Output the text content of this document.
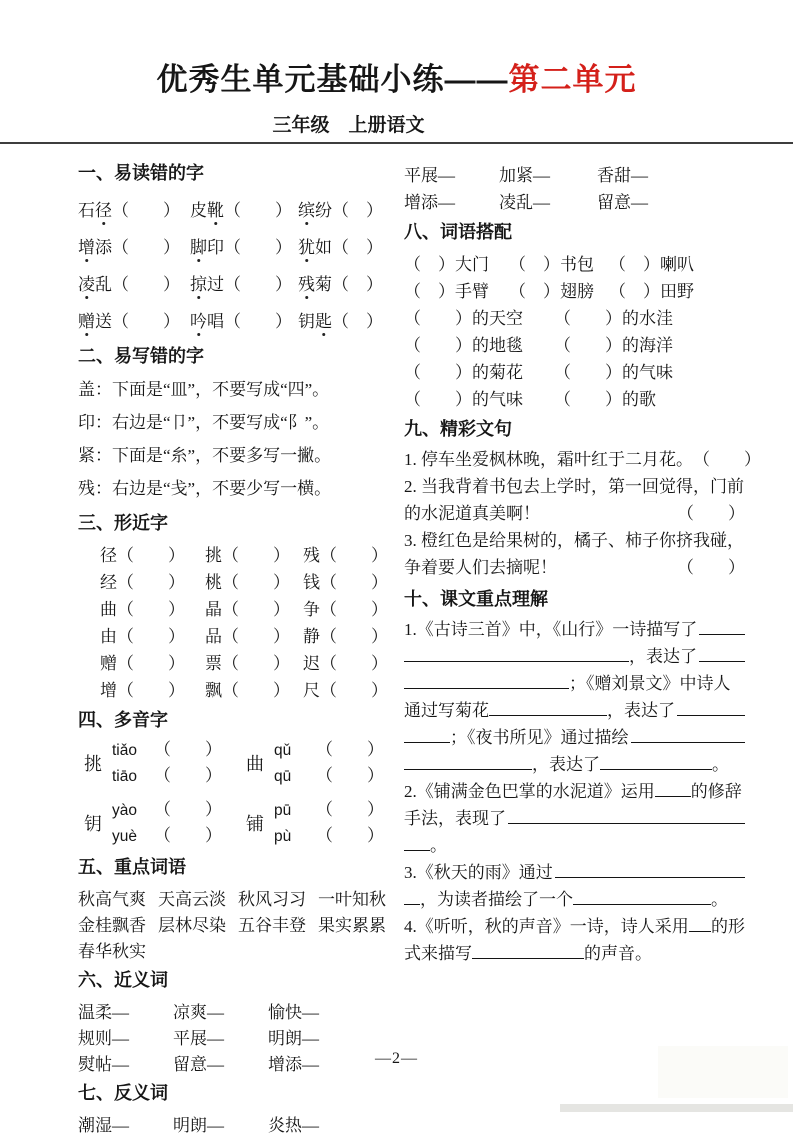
优秀生单元基础小练——第二单元
三年级　上册语文
一、易读错的字
石径（　　） 皮靴（　　） 缤纷（　）
增添（　　） 脚印（　　） 犹如（　）
凌乱（　　） 掠过（　　） 残菊（　）
赠送（　　） 吟唱（　　） 钥匙（　）
二、易写错的字
盖：下面是“皿”，不要写成“四”。
印：右边是“卩”，不要写成“阝”。
紧：下面是“糸”，不要多写一撇。
残：右边是“戋”，不要少写一横。
三、形近字
径（　　）	挑（　　） 残（　　）
经（　　）	桃（　　） 钱（　　）
曲（　　）	晶（　　） 争（　　）
由（　　）	品（　　） 静（　　）
赠（　　）	票（　　） 迟（　　）
增（　　）	飘（　　） 尺（　　）
四、多音字
挑
tiǎo	（　　）
tiāo	（　　）
曲
qǔ	（　　）
qū	（　　）
钥
yào	（　　）
yuè	（　　）
铺
pū	（　　）
pù	（　　）
五、重点词语
秋高气爽 天高云淡 秋风习习 一叶知秋
金桂飘香 层林尽染 五谷丰登 果实累累
春华秋实
六、近义词
温柔—	凉爽—	愉快—
规则—	平展—	明朗—
熨帖—	留意—	增添—
七、反义词
潮湿—	明朗—	炎热—
平展—	加紧—	香甜—
增添—	凌乱—	留意—
八、词语搭配
（　）大门	（　）书包 （　）喇叭
（　）手臂	（　）翅膀 （　）田野
（　　）的天空	（　　）的水洼
（　　）的地毯	（　　）的海洋
（　　）的菊花	（　　）的气味
（　　）的气味	（　　）的歌
九、精彩文句
1. 停车坐爱枫林晚，霜叶红于二月花。 （　　）
2. 当我背着书包去上学时，第一回觉得，门前
的水泥道真美啊！	（　　）
3. 橙红色是给果树的，橘子、柿子你挤我碰，
争着要人们去摘呢！	（　　）
十、课文重点理解
1.《古诗三首》中，《山行》一诗描写了
，表达了
；《赠刘景文》中诗人
通过写菊花	，表达了
；《夜书所见》通过描绘
，表达了	。
2.《铺满金色巴掌的水泥道》运用 的修辞
手法，表现了
。
3.《秋天的雨》通过
，为读者描绘了一个	。
4.《听听，秋的声音》一诗，诗人采用 的形
式来描写	的声音。
—2—
